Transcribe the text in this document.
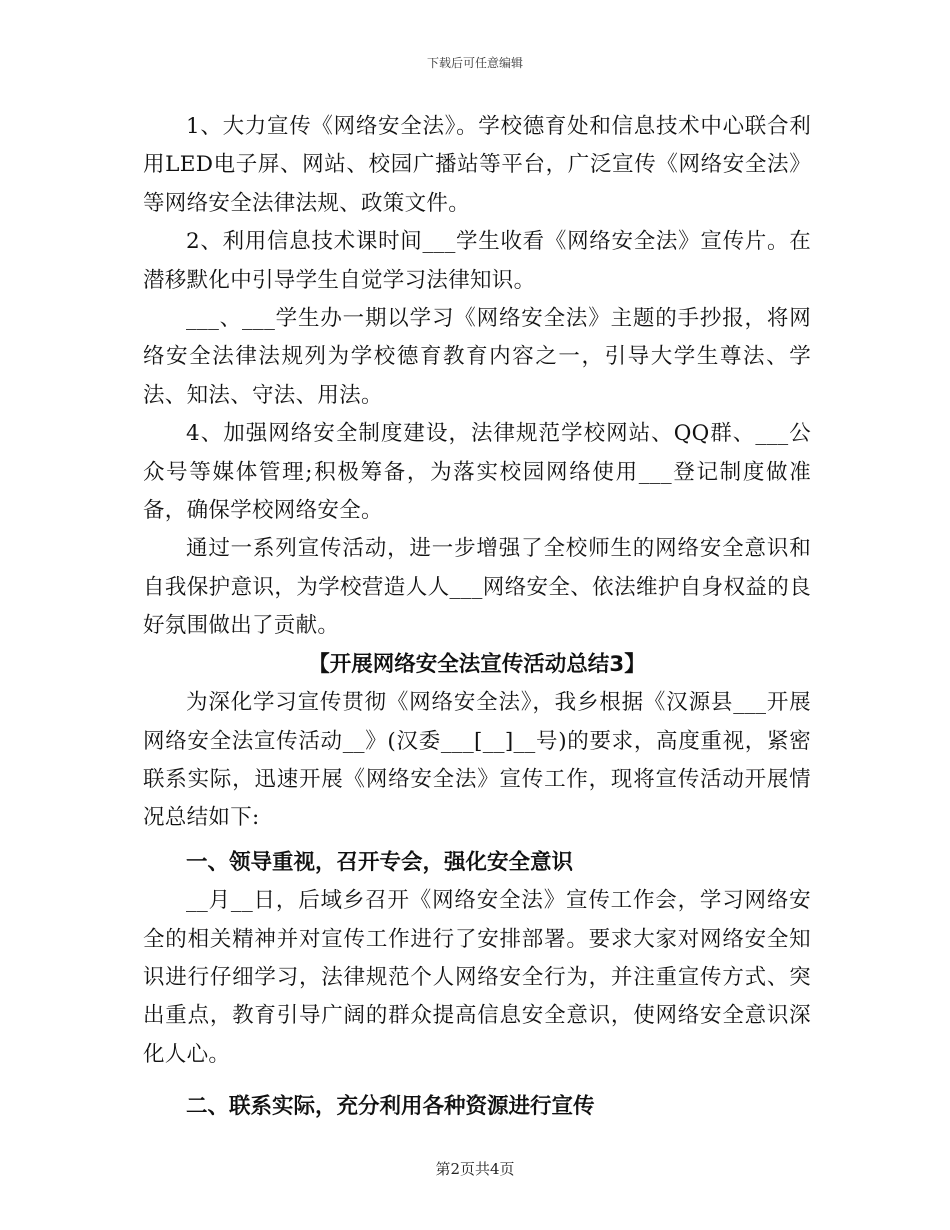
下载后可任意编辑

1、大力宣传《网络安全法》。学校德育处和信息技术中心联合利用LED电子屏、网站、校园广播站等平台，广泛宣传《网络安全法》等网络安全法律法规、政策文件。

2、利用信息技术课时间___学生收看《网络安全法》宣传片。在潜移默化中引导学生自觉学习法律知识。

___、___学生办一期以学习《网络安全法》主题的手抄报，将网络安全法律法规列为学校德育教育内容之一，引导大学生尊法、学法、知法、守法、用法。

4、加强网络安全制度建设，法律规范学校网站、QQ群、___公众号等媒体管理;积极筹备，为落实校园网络使用___登记制度做准备，确保学校网络安全。

通过一系列宣传活动，进一步增强了全校师生的网络安全意识和自我保护意识，为学校营造人人___网络安全、依法维护自身权益的良好氛围做出了贡献。

【开展网络安全法宣传活动总结3】

为深化学习宣传贯彻《网络安全法》，我乡根据《汉源县___开展网络安全法宣传活动__》(汉委___[__]__号)的要求，高度重视，紧密联系实际，迅速开展《网络安全法》宣传工作，现将宣传活动开展情况总结如下:

一、领导重视，召开专会，强化安全意识

__月__日，后域乡召开《网络安全法》宣传工作会，学习网络安全的相关精神并对宣传工作进行了安排部署。要求大家对网络安全知识进行仔细学习，法律规范个人网络安全行为，并注重宣传方式、突出重点，教育引导广阔的群众提高信息安全意识，使网络安全意识深化人心。

二、联系实际，充分利用各种资源进行宣传

第2页共4页
